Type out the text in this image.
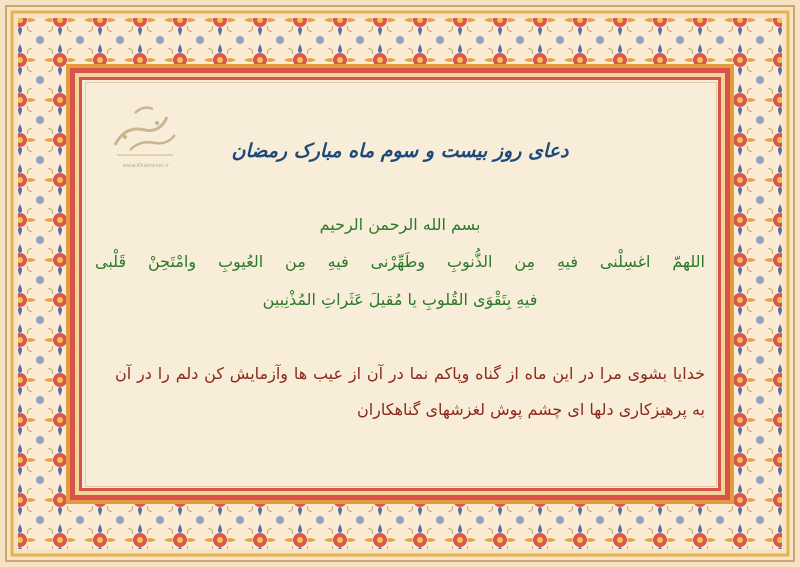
www.Khamenei.ir
دعای روز بیست و سوم ماه مبارک رمضان
بسم الله الرحمن الرحیم
اللهمّ اغسِلْنی فیهِ مِن الذُّنوبِ وطَهِّرْنی فیهِ مِن العُیوبِ وامْتَحِنْ قَلْبی
فیهِ بِتَقْوَی القُلوبِ یا مُقیلَ عَثَراتِ المُذْنِبین
خدایا بشوی مرا در این ماه از گناه وپاکم نما در آن از عیب ها وآزمایش کن دلم را در آن به پرهیزکاری دلها ای چشم پوش لغزشهای گناهکاران
